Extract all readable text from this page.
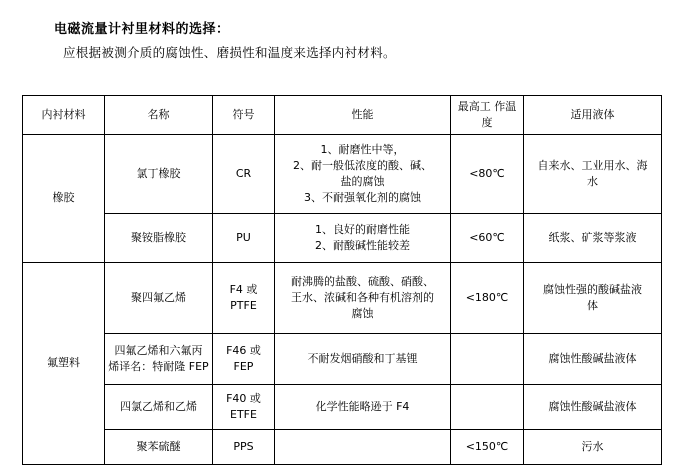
电磁流量计衬里材料的选择：
应根据被测介质的腐蚀性、磨损性和温度来选择内衬材料。
内衬材料	名称	符号	性能	最高工 作温度	适用液体
橡胶	氯丁橡胶	CR	1、耐磨性中等，
2、耐一般低浓度的酸、碱、
盐的腐蚀
3、不耐强氧化剂的腐蚀	<80℃	自来水、工业用水、海
水

	聚铵脂橡胶	PU	1、良好的耐磨性能
2、耐酸碱性能较差	<60℃	纸浆、矿浆等浆液
氟塑料	聚四氟乙烯	F4 或
PTFE	耐沸腾的盐酸、硫酸、硝酸、
王水、浓碱和各种有机溶剂的
腐蚀	<180℃	腐蚀性强的酸碱盐液
体

	四氟乙烯和六氟丙
烯译名：特耐隆 FEP	F46 或
FEP	不耐发烟硝酸和丁基锂		腐蚀性酸碱盐液体
	四氯乙烯和乙烯	F40 或
ETFE	化学性能略逊于 F4		腐蚀性酸碱盐液体
	聚苯硫醚	PPS		<150℃	污水
